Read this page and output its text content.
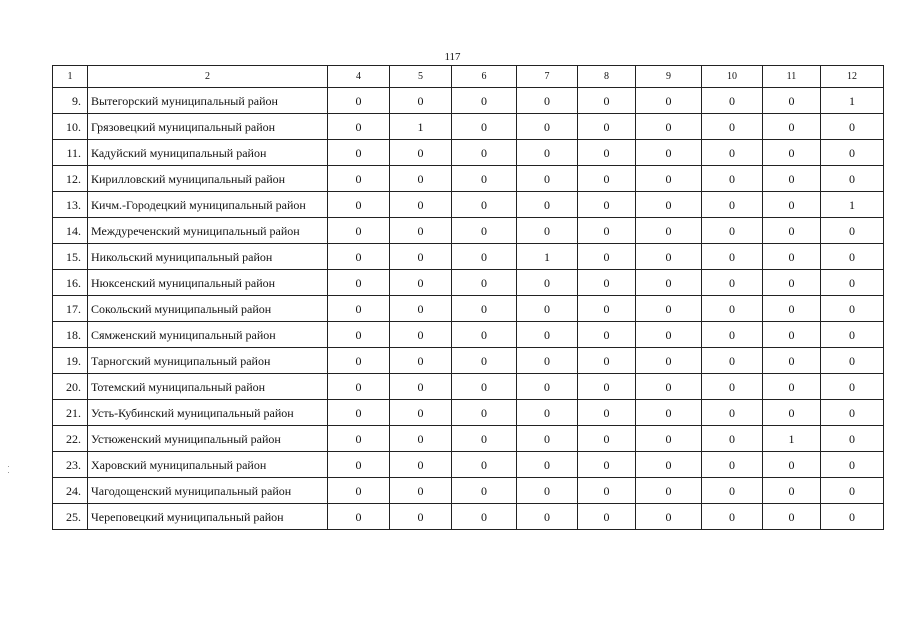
117
1	2	4	5	6	7	8	9	10	11	12
9.	Вытегорский муниципальный район	0	0	0	0	0	0	0	0	1
10.	Грязовецкий муниципальный район	0	1	0	0	0	0	0	0	0
11.	Кадуйский муниципальный район	0	0	0	0	0	0	0	0	0
12.	Кирилловский муниципальный район	0	0	0	0	0	0	0	0	0
13.	Кичм.-Городецкий муниципальный район	0	0	0	0	0	0	0	0	1
14.	Междуреченский муниципальный район	0	0	0	0	0	0	0	0	0
15.	Никольский муниципальный район	0	0	0	1	0	0	0	0	0
16.	Нюксенский муниципальный район	0	0	0	0	0	0	0	0	0
17.	Сокольский муниципальный район	0	0	0	0	0	0	0	0	0
18.	Сямженский муниципальный район	0	0	0	0	0	0	0	0	0
19.	Тарногский муниципальный район	0	0	0	0	0	0	0	0	0
20.	Тотемский муниципальный район	0	0	0	0	0	0	0	0	0
21.	Усть-Кубинский муниципальный район	0	0	0	0	0	0	0	0	0
22.	Устюженский муниципальный район	0	0	0	0	0	0	0	1	0
23.	Харовский муниципальный район	0	0	0	0	0	0	0	0	0
24.	Чагодощенский муниципальный район	0	0	0	0	0	0	0	0	0
25.	Череповецкий муниципальный район	0	0	0	0	0	0	0	0	0
